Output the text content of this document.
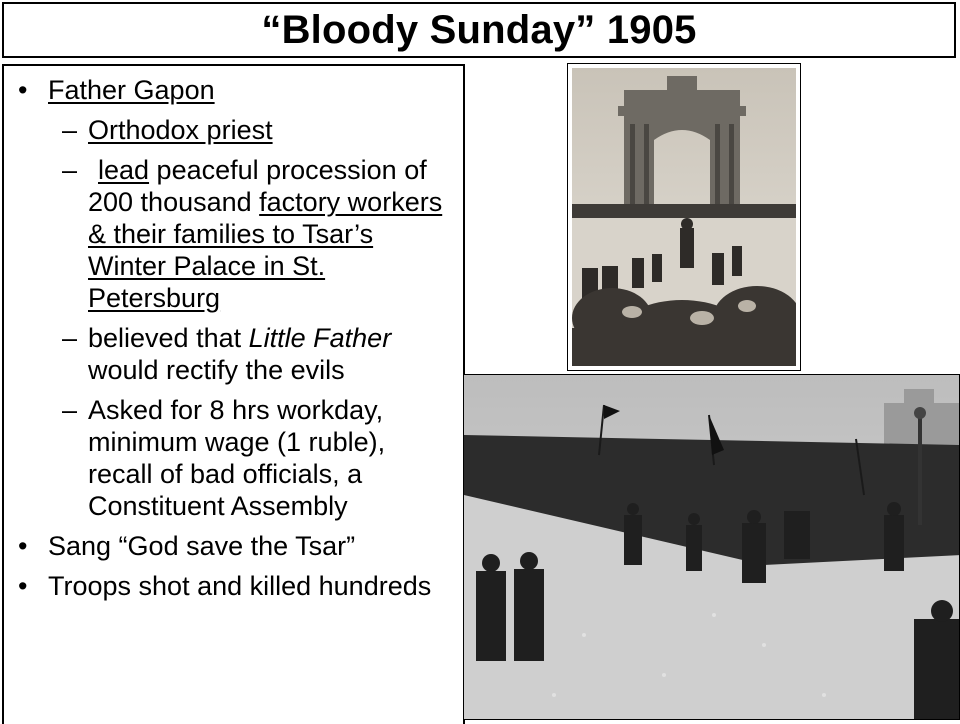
“Bloody Sunday” 1905
• Father Gapon
– Orthodox priest
– lead peaceful procession of 200 thousand factory workers & their families to Tsar’s Winter Palace in St. Petersburg
– believed that Little Father would rectify the evils
– Asked for 8 hrs workday, minimum wage (1 ruble), recall of bad officials, a Constituent Assembly
• Sang “God save the Tsar”
• Troops shot and killed hundreds
